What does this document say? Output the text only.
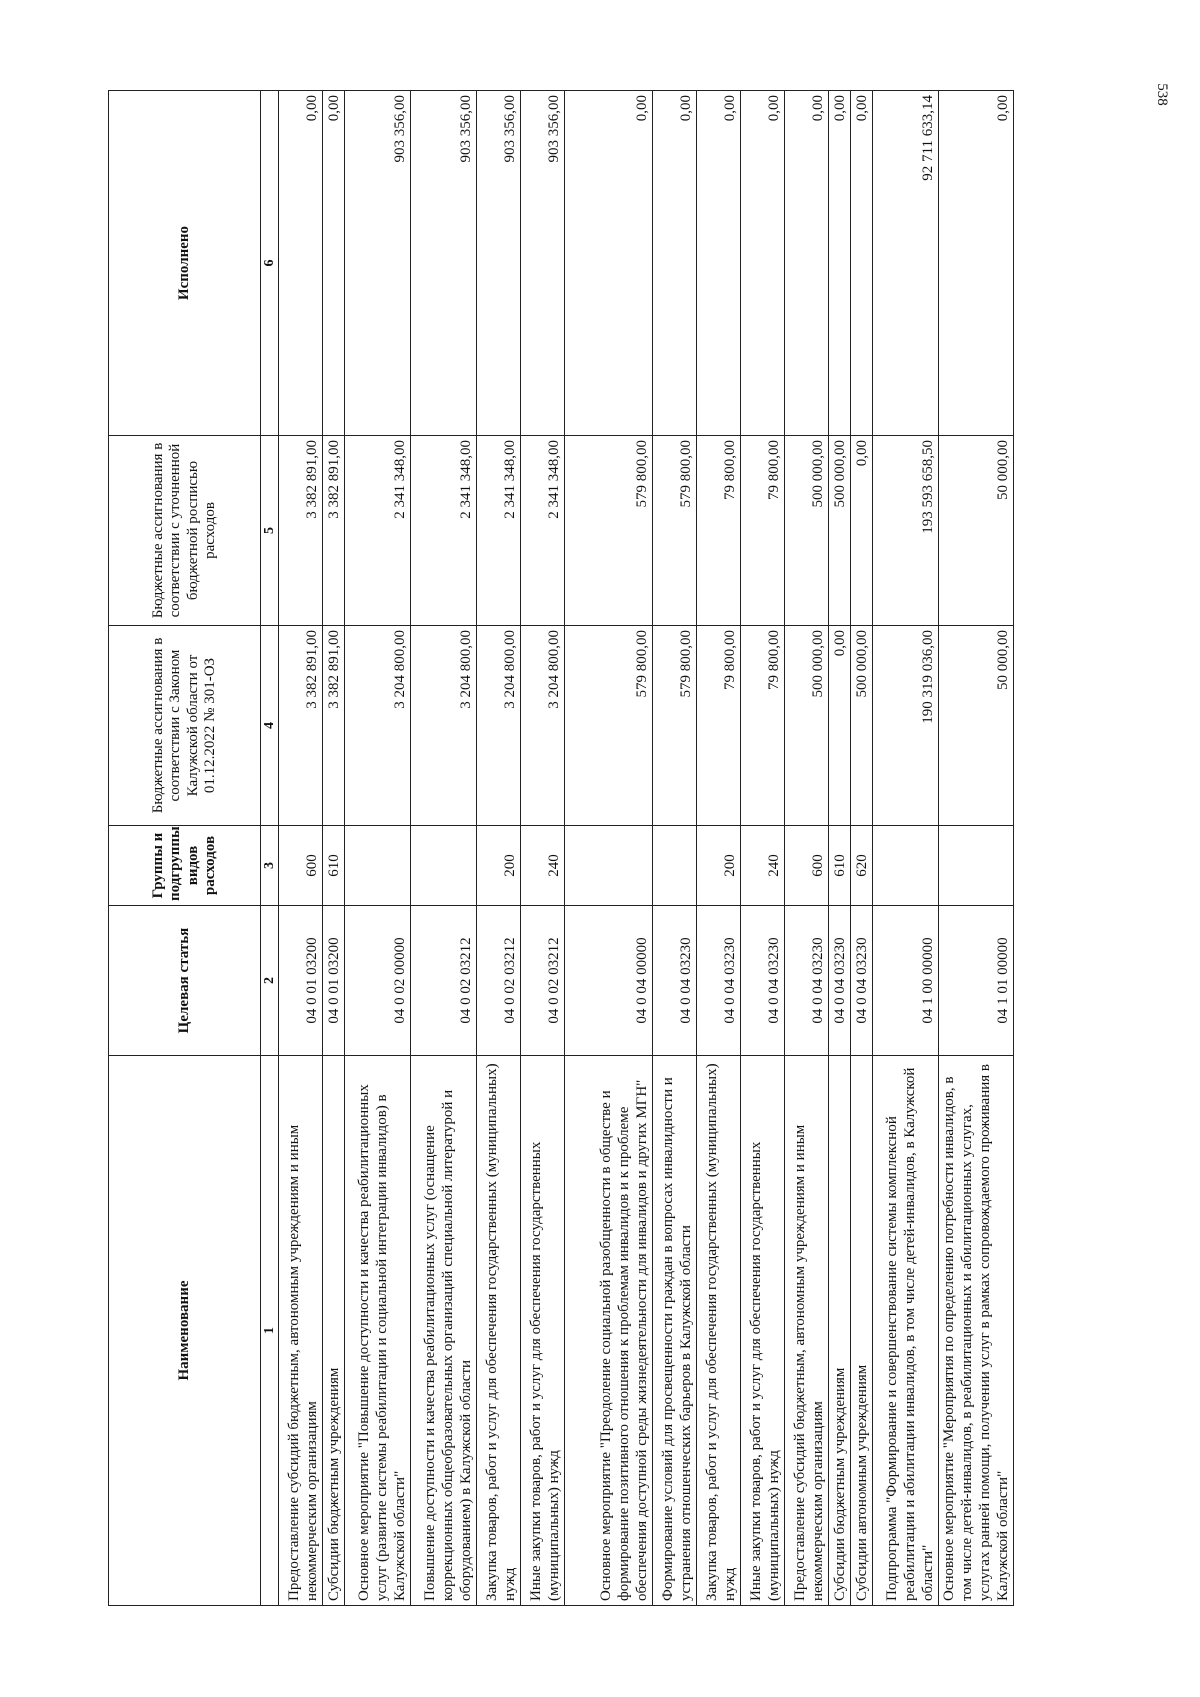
538
Наименование	Целевая статья	Группы и подгруппы видов расходов	Бюджетные ассигнования в соответствии с Законом Калужской области от 01.12.2022 № 301-ОЗ	Бюджетные ассигнования в соответствии с уточненной бюджетной росписью расходов	Исполнено
1	2	3	4	5	6
Предоставление субсидий бюджетным, автономным учреждениям и иным некоммерческим организациям	04 0 01 03200	600	3 382 891,00	3 382 891,00	0,00
Субсидии бюджетным учреждениям	04 0 01 03200	610	3 382 891,00	3 382 891,00	0,00
Основное мероприятие "Повышение доступности и качества реабилитационных услуг (развитие системы реабилитации и социальной интеграции инвалидов) в Калужской области"	04 0 02 00000		3 204 800,00	2 341 348,00	903 356,00
Повышение доступности и качества реабилитационных услуг (оснащение коррекционных общеобразовательных организаций специальной литературой и оборудованием) в Калужской области	04 0 02 03212		3 204 800,00	2 341 348,00	903 356,00
Закупка товаров, работ и услуг для обеспечения государственных (муниципальных) нужд	04 0 02 03212	200	3 204 800,00	2 341 348,00	903 356,00
Иные закупки товаров, работ и услуг для обеспечения государственных (муниципальных) нужд	04 0 02 03212	240	3 204 800,00	2 341 348,00	903 356,00
Основное мероприятие "Преодоление социальной разобщенности в обществе и формирование позитивного отношения к проблемам инвалидов и к проблеме обеспечения доступной среды жизнедеятельности для инвалидов и других МГН"	04 0 04 00000		579 800,00	579 800,00	0,00
Формирование условий для просвещенности граждан в вопросах инвалидности и устранения отношенческих барьеров в Калужской области	04 0 04 03230		579 800,00	579 800,00	0,00
Закупка товаров, работ и услуг для обеспечения государственных (муниципальных) нужд	04 0 04 03230	200	79 800,00	79 800,00	0,00
Иные закупки товаров, работ и услуг для обеспечения государственных (муниципальных) нужд	04 0 04 03230	240	79 800,00	79 800,00	0,00
Предоставление субсидий бюджетным, автономным учреждениям и иным некоммерческим организациям	04 0 04 03230	600	500 000,00	500 000,00	0,00
Субсидии бюджетным учреждениям	04 0 04 03230	610	0,00	500 000,00	0,00
Субсидии автономным учреждениям	04 0 04 03230	620	500 000,00	0,00	0,00
Подпрограмма "Формирование и совершенствование системы комплексной реабилитации и абилитации инвалидов, в том числе детей-инвалидов, в Калужской области"	04 1 00 00000		190 319 036,00	193 593 658,50	92 711 633,14
Основное мероприятие "Мероприятия по определению потребности инвалидов, в том числе детей-инвалидов, в реабилитационных и абилитационных услугах, услугах ранней помощи, получении услуг в рамках сопровождаемого проживания в Калужской области"	04 1 01 00000		50 000,00	50 000,00	0,00
